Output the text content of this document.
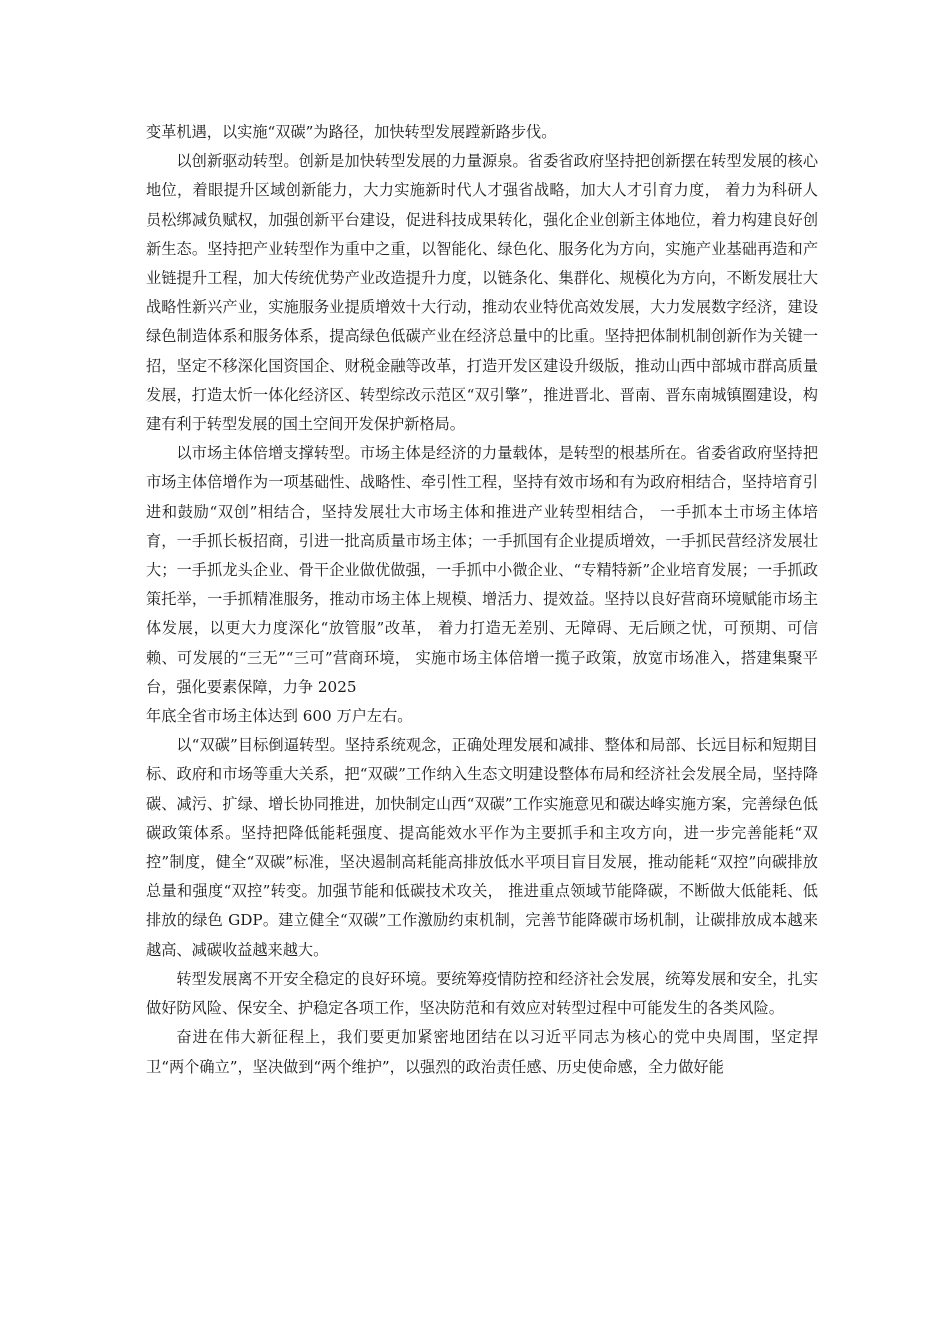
变革机遇，以实施“双碳”为路径，加快转型发展蹚新路步伐。

以创新驱动转型。创新是加快转型发展的力量源泉。省委省政府坚持把创新摆在转型发展的核心地位，着眼提升区域创新能力，大力实施新时代人才强省战略，加大人才引育力度， 着力为科研人员松绑减负赋权，加强创新平台建设，促进科技成果转化，强化企业创新主体地位，着力构建良好创新生态。坚持把产业转型作为重中之重，以智能化、绿色化、服务化为方向，实施产业基础再造和产业链提升工程，加大传统优势产业改造提升力度，以链条化、集群化、规模化为方向，不断发展壮大战略性新兴产业，实施服务业提质增效十大行动，推动农业特优高效发展，大力发展数字经济，建设绿色制造体系和服务体系，提高绿色低碳产业在经济总量中的比重。坚持把体制机制创新作为关键一招，坚定不移深化国资国企、财税金融等改革，打造开发区建设升级版，推动山西中部城市群高质量发展，打造太忻一体化经济区、转型综改示范区“双引擎”，推进晋北、晋南、晋东南城镇圈建设，构建有利于转型发展的国土空间开发保护新格局。

以市场主体倍增支撑转型。市场主体是经济的力量载体，是转型的根基所在。省委省政府坚持把市场主体倍增作为一项基础性、战略性、牵引性工程，坚持有效市场和有为政府相结合，坚持培育引进和鼓励“双创”相结合，坚持发展壮大市场主体和推进产业转型相结合， 一手抓本土市场主体培育，一手抓长板招商，引进一批高质量市场主体；一手抓国有企业提质增效，一手抓民营经济发展壮大；一手抓龙头企业、骨干企业做优做强，一手抓中小微企业、“专精特新”企业培育发展；一手抓政策托举，一手抓精准服务，推动市场主体上规模、增活力、提效益。坚持以良好营商环境赋能市场主体发展，以更大力度深化“放管服”改革， 着力打造无差别、无障碍、无后顾之忧，可预期、可信赖、可发展的“三无”“三可”营商环境， 实施市场主体倍增一揽子政策，放宽市场准入，搭建集聚平台，强化要素保障，力争 2025

年底全省市场主体达到 600 万户左右。

以“双碳”目标倒逼转型。坚持系统观念，正确处理发展和减排、整体和局部、长远目标和短期目标、政府和市场等重大关系，把“双碳”工作纳入生态文明建设整体布局和经济社会发展全局，坚持降碳、减污、扩绿、增长协同推进，加快制定山西“双碳”工作实施意见和碳达峰实施方案，完善绿色低碳政策体系。坚持把降低能耗强度、提高能效水平作为主要抓手和主攻方向，进一步完善能耗“双控”制度，健全“双碳”标准，坚决遏制高耗能高排放低水平项目盲目发展，推动能耗“双控”向碳排放总量和强度“双控”转变。加强节能和低碳技术攻关， 推进重点领域节能降碳，不断做大低能耗、低排放的绿色 GDP。建立健全“双碳”工作激励约束机制，完善节能降碳市场机制，让碳排放成本越来越高、减碳收益越来越大。

转型发展离不开安全稳定的良好环境。要统筹疫情防控和经济社会发展，统筹发展和安全，扎实做好防风险、保安全、护稳定各项工作，坚决防范和有效应对转型过程中可能发生的各类风险。

奋进在伟大新征程上，我们要更加紧密地团结在以习近平同志为核心的党中央周围，坚定捍卫“两个确立”，坚决做到“两个维护”，以强烈的政治责任感、历史使命感，全力做好能
